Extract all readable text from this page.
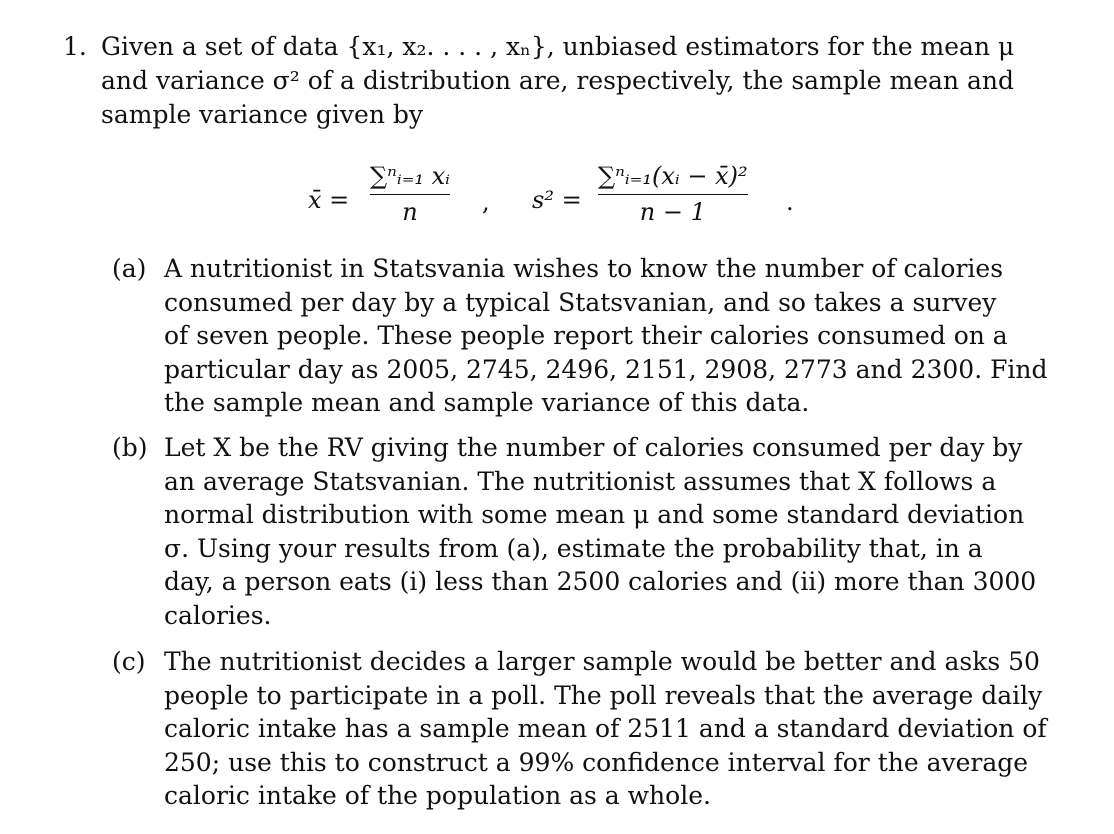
1. Given a set of data {x₁, x₂. . . . , xₙ}, unbiased estimators for the mean μ
and variance σ² of a distribution are, respectively, the sample mean and
sample variance given by
x̄ =
∑ⁿᵢ₌₁ xᵢ
n	, s² =
∑ⁿᵢ₌₁(xᵢ − x̄)²
n − 1	.
(a) A nutritionist in Statsvania wishes to know the number of calories
consumed per day by a typical Statsvanian, and so takes a survey
of seven people. These people report their calories consumed on a
particular day as 2005, 2745, 2496, 2151, 2908, 2773 and 2300. Find
the sample mean and sample variance of this data.
(b) Let X be the RV giving the number of calories consumed per day by
an average Statsvanian. The nutritionist assumes that X follows a
normal distribution with some mean μ and some standard deviation
σ. Using your results from (a), estimate the probability that, in a
day, a person eats (i) less than 2500 calories and (ii) more than 3000
calories.
(c) The nutritionist decides a larger sample would be better and asks 50
people to participate in a poll. The poll reveals that the average daily
caloric intake has a sample mean of 2511 and a standard deviation of
250; use this to construct a 99% confidence interval for the average
caloric intake of the population as a whole.
